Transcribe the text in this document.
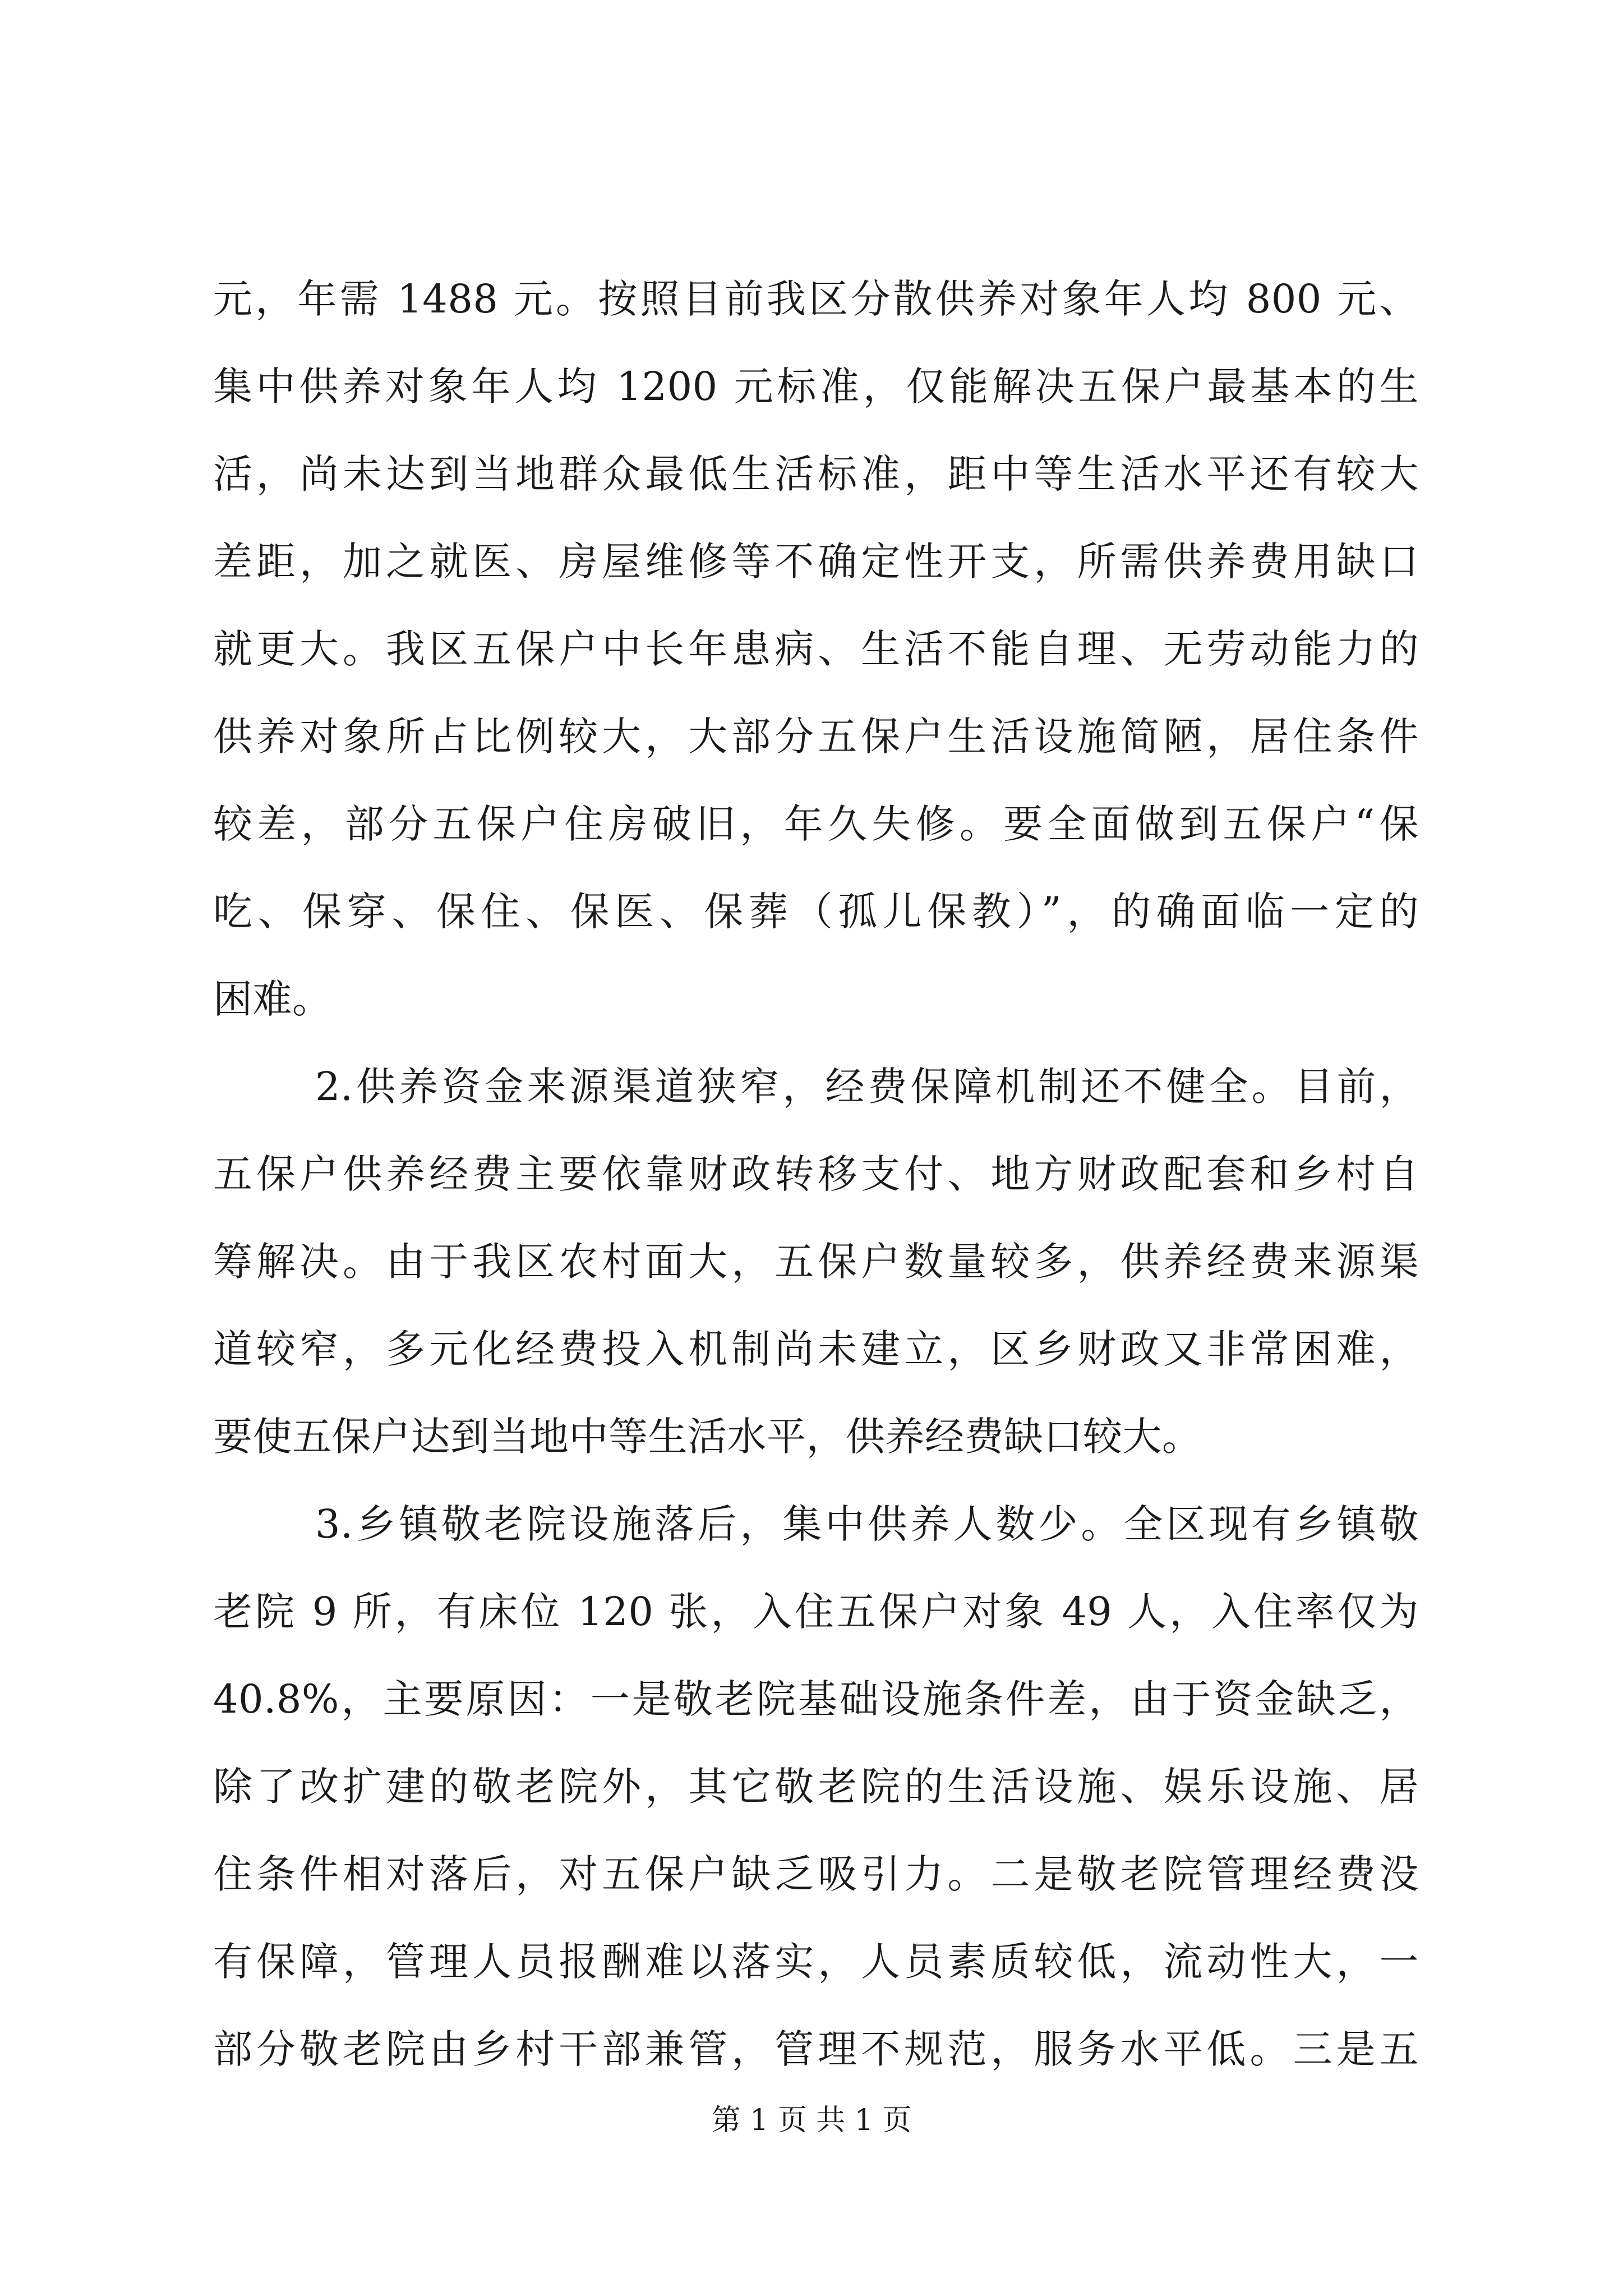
元，年需 1488 元。按照目前我区分散供养对象年人均 800 元、
集中供养对象年人均 1200 元标准，仅能解决五保户最基本的生
活，尚未达到当地群众最低生活标准，距中等生活水平还有较大
差距，加之就医、房屋维修等不确定性开支，所需供养费用缺口
就更大。我区五保户中长年患病、生活不能自理、无劳动能力的
供养对象所占比例较大，大部分五保户生活设施简陋，居住条件
较差，部分五保户住房破旧，年久失修。要全面做到五保户“保
吃、保穿、保住、保医、保葬（孤儿保教）”，的确面临一定的
困难。
2.供养资金来源渠道狭窄，经费保障机制还不健全。目前，
五保户供养经费主要依靠财政转移支付、地方财政配套和乡村自
筹解决。由于我区农村面大，五保户数量较多，供养经费来源渠
道较窄，多元化经费投入机制尚未建立，区乡财政又非常困难，
要使五保户达到当地中等生活水平，供养经费缺口较大。
3.乡镇敬老院设施落后，集中供养人数少。全区现有乡镇敬
老院 9 所，有床位 120 张，入住五保户对象 49 人，入住率仅为
40.8%，主要原因：一是敬老院基础设施条件差，由于资金缺乏，
除了改扩建的敬老院外，其它敬老院的生活设施、娱乐设施、居
住条件相对落后，对五保户缺乏吸引力。二是敬老院管理经费没
有保障，管理人员报酬难以落实，人员素质较低，流动性大，一
部分敬老院由乡村干部兼管，管理不规范，服务水平低。三是五
第 1 页 共 1 页
